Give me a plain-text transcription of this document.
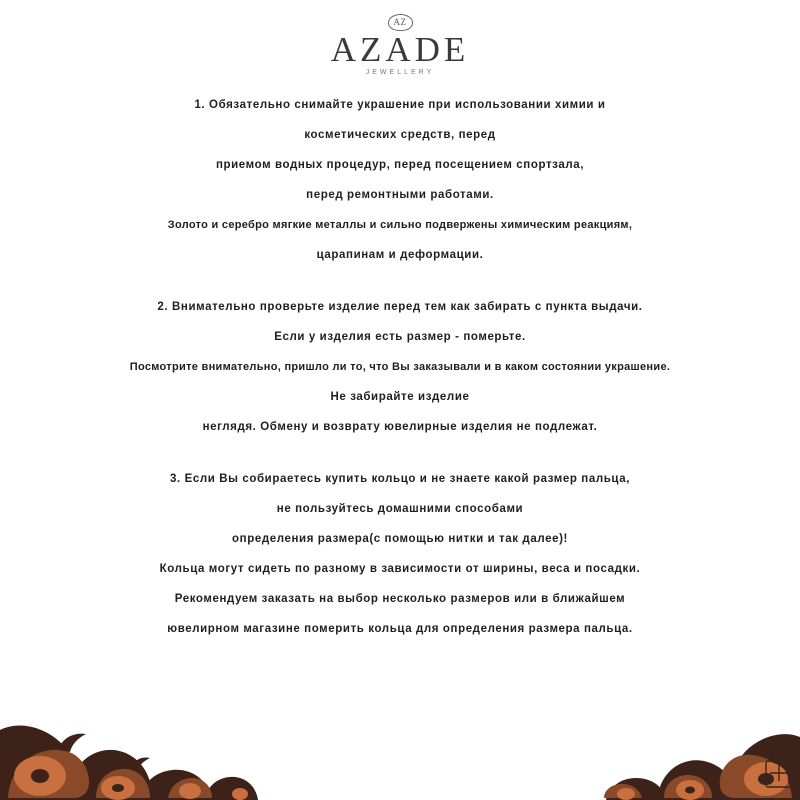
AZ
AZADE
JEWELLERY
1. Обязательно снимайте украшение при использовании химии и
косметических средств, перед
приемом водных процедур, перед посещением спортзала,
перед ремонтными работами.
Золото и серебро мягкие металлы и сильно подвержены химическим реакциям,
царапинам и деформации.
2. Внимательно проверьте изделие перед тем как забирать с пункта выдачи.
Если у изделия есть размер - померьте.
Посмотрите внимательно, пришло ли то, что Вы заказывали и в каком состоянии украшение.
Не забирайте изделие
неглядя. Обмену и возврату ювелирные изделия не подлежат.
3. Если Вы собираетесь купить кольцо и не знаете какой размер пальца,
не пользуйтесь домашними способами
определения размера(с помощью нитки и так далее)!
Кольца могут сидеть по разному в зависимости от ширины, веса и посадки.
Рекомендуем заказать на выбор несколько размеров или в ближайшем
ювелирном магазине померить кольца для определения размера пальца.
